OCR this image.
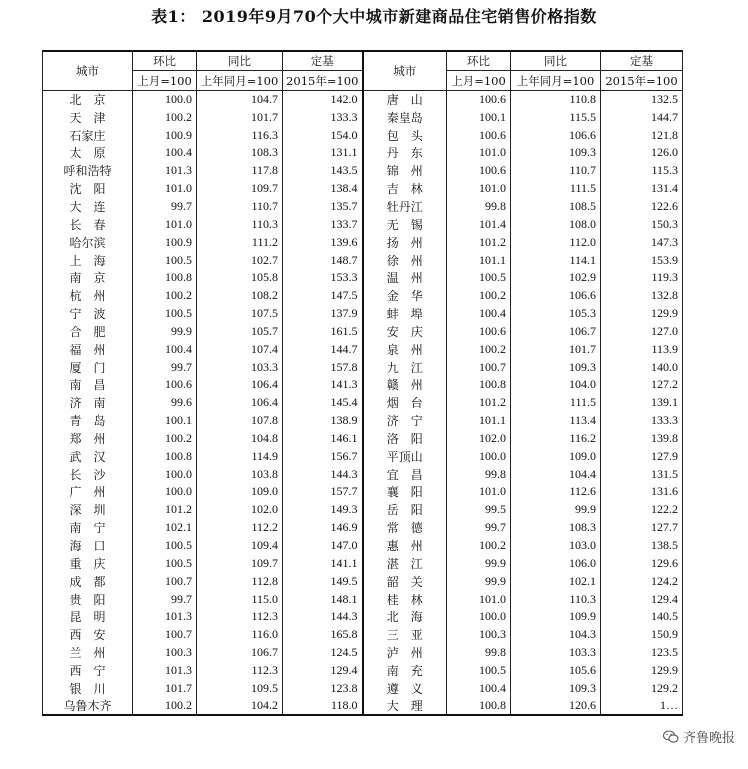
表1： 2019年9月70个大中城市新建商品住宅销售价格指数
城市	环比	同比	定基	城市	环比	同比	定基
	上月=100	上年同月=100	2015年=100		上月=100	上年同月=100	2015年=100
北　京	100.0	104.7	142.0	唐　山	100.6	110.8	132.5
天　津	100.2	101.7	133.3	秦皇岛	100.1	115.5	144.7
石家庄	100.9	116.3	154.0	包　头	100.6	106.6	121.8
太　原	100.4	108.3	131.1	丹　东	101.0	109.3	126.0
呼和浩特	101.3	117.8	143.5	锦　州	100.6	110.7	115.3
沈　阳	101.0	109.7	138.4	吉　林	101.0	111.5	131.4
大　连	99.7	110.7	135.7	牡丹江	99.8	108.5	122.6
长　春	101.0	110.3	133.7	无　锡	101.4	108.0	150.3
哈尔滨	100.9	111.2	139.6	扬　州	101.2	112.0	147.3
上　海	100.5	102.7	148.7	徐　州	101.1	114.1	153.9
南　京	100.8	105.8	153.3	温　州	100.5	102.9	119.3
杭　州	100.2	108.2	147.5	金　华	100.2	106.6	132.8
宁　波	100.5	107.5	137.9	蚌　埠	100.4	105.3	129.9
合　肥	99.9	105.7	161.5	安　庆	100.6	106.7	127.0
福　州	100.4	107.4	144.7	泉　州	100.2	101.7	113.9
厦　门	99.7	103.3	157.8	九　江	100.7	109.3	140.0
南　昌	100.6	106.4	141.3	赣　州	100.8	104.0	127.2
济　南	99.6	106.4	145.4	烟　台	101.2	111.5	139.1
青　岛	100.1	107.8	138.9	济　宁	101.1	113.4	133.3
郑　州	100.2	104.8	146.1	洛　阳	102.0	116.2	139.8
武　汉	100.8	114.9	156.7	平顶山	100.0	109.0	127.9
长　沙	100.0	103.8	144.3	宜　昌	99.8	104.4	131.5
广　州	100.0	109.0	157.7	襄　阳	101.0	112.6	131.6
深　圳	101.2	102.0	149.3	岳　阳	99.5	99.9	122.2
南　宁	102.1	112.2	146.9	常　德	99.7	108.3	127.7
海　口	100.5	109.4	147.0	惠　州	100.2	103.0	138.5
重　庆	100.5	109.7	141.1	湛　江	99.9	106.0	129.6
成　都	100.7	112.8	149.5	韶　关	99.9	102.1	124.2
贵　阳	99.7	115.0	148.1	桂　林	101.0	110.3	129.4
昆　明	101.3	112.3	144.3	北　海	100.0	109.9	140.5
西　安	100.7	116.0	165.8	三　亚	100.3	104.3	150.9
兰　州	100.3	106.7	124.5	泸　州	99.8	103.3	123.5
西　宁	101.3	112.3	129.4	南　充	100.5	105.6	129.9
银　川	101.7	109.5	123.8	遵　义	100.4	109.3	129.2
乌鲁木齐	100.2	104.2	118.0	大　理	100.8	120.6	1…
齐鲁晚报
